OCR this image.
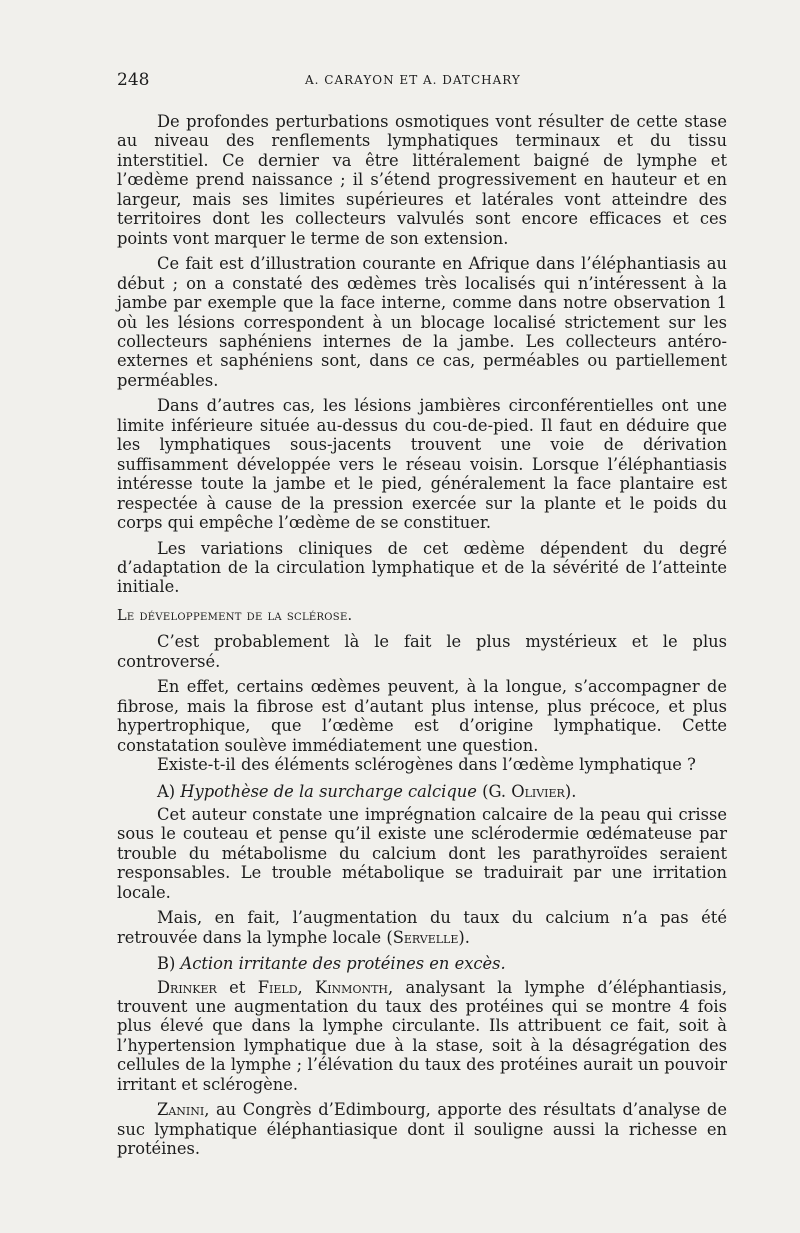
248	A. CARAYON ET A. DATCHARY

De profondes perturbations osmotiques vont résulter de cette stase au niveau des renflements lymphatiques terminaux et du tissu interstitiel. Ce dernier va être littéralement baigné de lymphe et l’œdème prend naissance ; il s’étend progressivement en hauteur et en largeur, mais ses limites supérieures et latérales vont atteindre des territoires dont les collecteurs valvulés sont encore efficaces et ces points vont marquer le terme de son extension.

Ce fait est d’illustration courante en Afrique dans l’éléphantiasis au début ; on a constaté des œdèmes très localisés qui n’intéressent à la jambe par exemple que la face interne, comme dans notre observation 1 où les lésions correspondent à un blocage localisé strictement sur les collecteurs saphéniens internes de la jambe. Les collecteurs antéro-externes et saphéniens sont, dans ce cas, perméables ou partiellement perméables.

Dans d’autres cas, les lésions jambières circonférentielles ont une limite inférieure située au-dessus du cou-de-pied. Il faut en déduire que les lymphatiques sous-jacents trouvent une voie de dérivation suffisamment développée vers le réseau voisin. Lorsque l’éléphantiasis intéresse toute la jambe et le pied, généralement la face plantaire est respectée à cause de la pression exercée sur la plante et le poids du corps qui empêche l’œdème de se constituer.

Les variations cliniques de cet œdème dépendent du degré d’adaptation de la circulation lymphatique et de la sévérité de l’atteinte initiale.

Le développement de la sclérose.

C’est probablement là le fait le plus mystérieux et le plus controversé.

En effet, certains œdèmes peuvent, à la longue, s’accompagner de fibrose, mais la fibrose est d’autant plus intense, plus précoce, et plus hypertrophique, que l’œdème est d’origine lymphatique. Cette constatation soulève immédiatement une question.

Existe-t-il des éléments sclérogènes dans l’œdème lymphatique ?

A) Hypothèse de la surcharge calcique (G. Olivier).

Cet auteur constate une imprégnation calcaire de la peau qui crisse sous le couteau et pense qu’il existe une sclérodermie œdémateuse par trouble du métabolisme du calcium dont les parathyroïdes seraient responsables. Le trouble métabolique se traduirait par une irritation locale.

Mais, en fait, l’augmentation du taux du calcium n’a pas été retrouvée dans la lymphe locale (Servelle).

B) Action irritante des protéines en excès.

Drinker et Field, Kinmonth, analysant la lymphe d’éléphantiasis, trouvent une augmentation du taux des protéines qui se montre 4 fois plus élevé que dans la lymphe circulante. Ils attribuent ce fait, soit à l’hypertension lymphatique due à la stase, soit à la désagrégation des cellules de la lymphe ; l’élévation du taux des protéines aurait un pouvoir irritant et sclérogène.

Zanini, au Congrès d’Edimbourg, apporte des résultats d’analyse de suc lymphatique éléphantiasique dont il souligne aussi la richesse en protéines.
